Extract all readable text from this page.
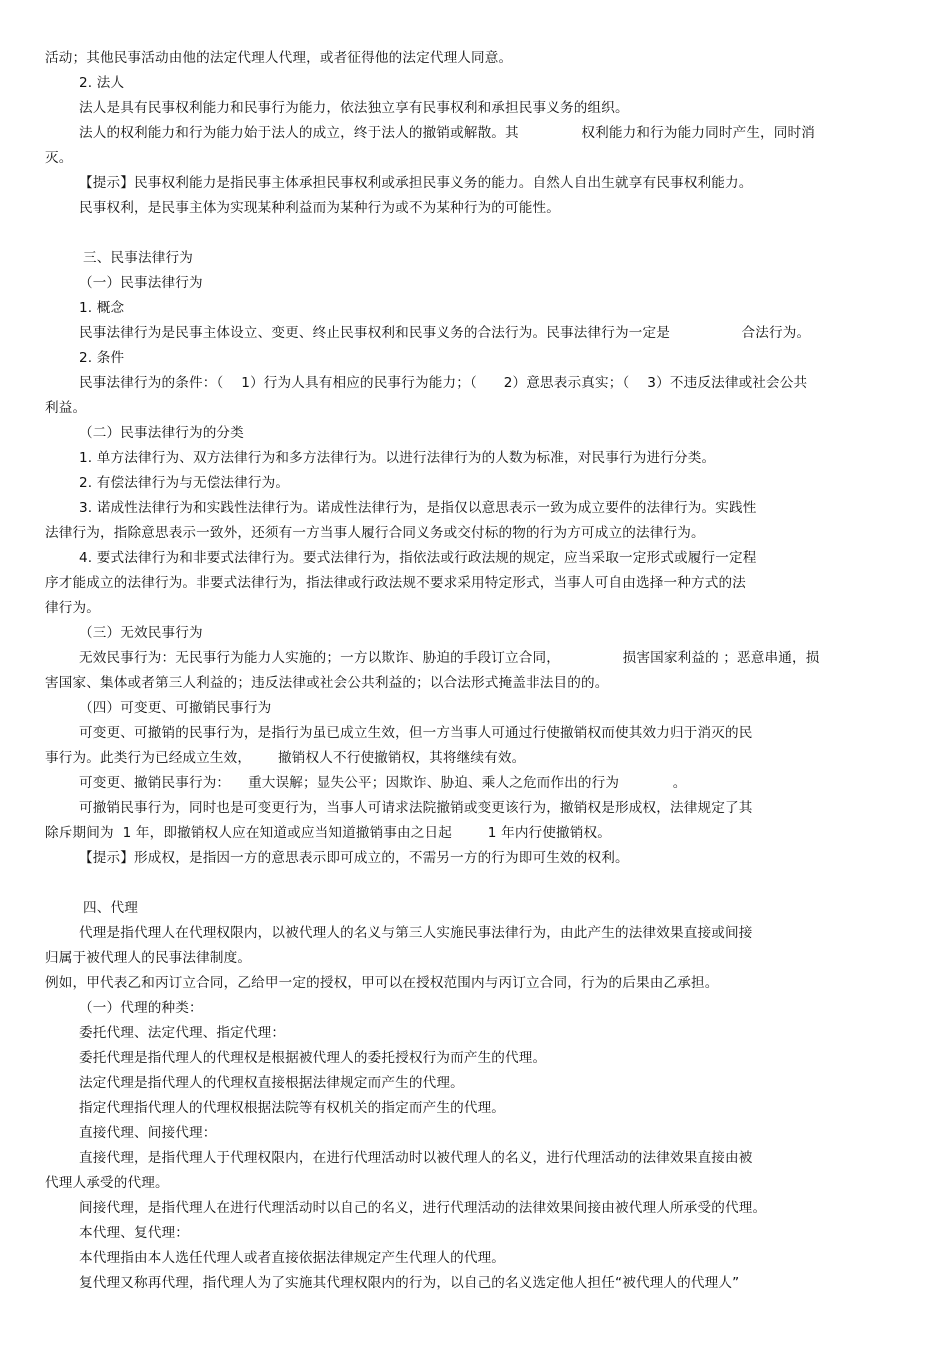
活动；其他民事活动由他的法定代理人代理，或者征得他的法定代理人同意。
2. 法人
法人是具有民事权利能力和民事行为能力，依法独立享有民事权利和承担民事义务的组织。
法人的权利能力和行为能力始于法人的成立，终于法人的撤销或解散。其              权利能力和行为能力同时产生，同时消
灭。
【提示】民事权利能力是指民事主体承担民事权利或承担民事义务的能力。自然人自出生就享有民事权利能力。
民事权利，是民事主体为实现某种利益而为某种行为或不为某种行为的可能性。
三、民事法律行为
（一）民事法律行为
1. 概念
民事法律行为是民事主体设立、变更、终止民事权利和民事义务的合法行为。民事法律行为一定是                合法行为。
2. 条件
民事法律行为的条件：（    1）行为人具有相应的民事行为能力；（      2）意思表示真实；（    3）不违反法律或社会公共
利益。
（二）民事法律行为的分类
1. 单方法律行为、双方法律行为和多方法律行为。以进行法律行为的人数为标准，对民事行为进行分类。
2. 有偿法律行为与无偿法律行为。
3. 诺成性法律行为和实践性法律行为。诺成性法律行为，是指仅以意思表示一致为成立要件的法律行为。实践性
法律行为，指除意思表示一致外，还须有一方当事人履行合同义务或交付标的物的行为方可成立的法律行为。
4. 要式法律行为和非要式法律行为。要式法律行为，指依法或行政法规的规定，应当采取一定形式或履行一定程
序才能成立的法律行为。非要式法律行为，指法律或行政法规不要求采用特定形式，当事人可自由选择一种方式的法
律行为。
（三）无效民事行为
无效民事行为：无民事行为能力人实施的；一方以欺诈、胁迫的手段订立合同，              损害国家利益的 ；恶意串通，损
害国家、集体或者第三人利益的；违反法律或社会公共利益的；以合法形式掩盖非法目的的。
（四）可变更、可撤销民事行为
可变更、可撤销的民事行为，是指行为虽已成立生效，但一方当事人可通过行使撤销权而使其效力归于消灭的民
事行为。此类行为已经成立生效，      撤销权人不行使撤销权，其将继续有效。
可变更、撤销民事行为：    重大误解；显失公平；因欺诈、胁迫、乘人之危而作出的行为            。
可撤销民事行为，同时也是可变更行为，当事人可请求法院撤销或变更该行为，撤销权是形成权，法律规定了其
除斥期间为  1 年，即撤销权人应在知道或应当知道撤销事由之日起        1 年内行使撤销权。
【提示】形成权，是指因一方的意思表示即可成立的，不需另一方的行为即可生效的权利。
四、代理
代理是指代理人在代理权限内，以被代理人的名义与第三人实施民事法律行为，由此产生的法律效果直接或间接
归属于被代理人的民事法律制度。
例如，甲代表乙和丙订立合同，乙给甲一定的授权，甲可以在授权范围内与丙订立合同，行为的后果由乙承担。
（一）代理的种类：
委托代理、法定代理、指定代理：
委托代理是指代理人的代理权是根据被代理人的委托授权行为而产生的代理。
法定代理是指代理人的代理权直接根据法律规定而产生的代理。
指定代理指代理人的代理权根据法院等有权机关的指定而产生的代理。
直接代理、间接代理：
直接代理，是指代理人于代理权限内，在进行代理活动时以被代理人的名义，进行代理活动的法律效果直接由被
代理人承受的代理。
间接代理，是指代理人在进行代理活动时以自己的名义，进行代理活动的法律效果间接由被代理人所承受的代理。
本代理、复代理：
本代理指由本人选任代理人或者直接依据法律规定产生代理人的代理。
复代理又称再代理，指代理人为了实施其代理权限内的行为，以自己的名义选定他人担任“被代理人的代理人”
